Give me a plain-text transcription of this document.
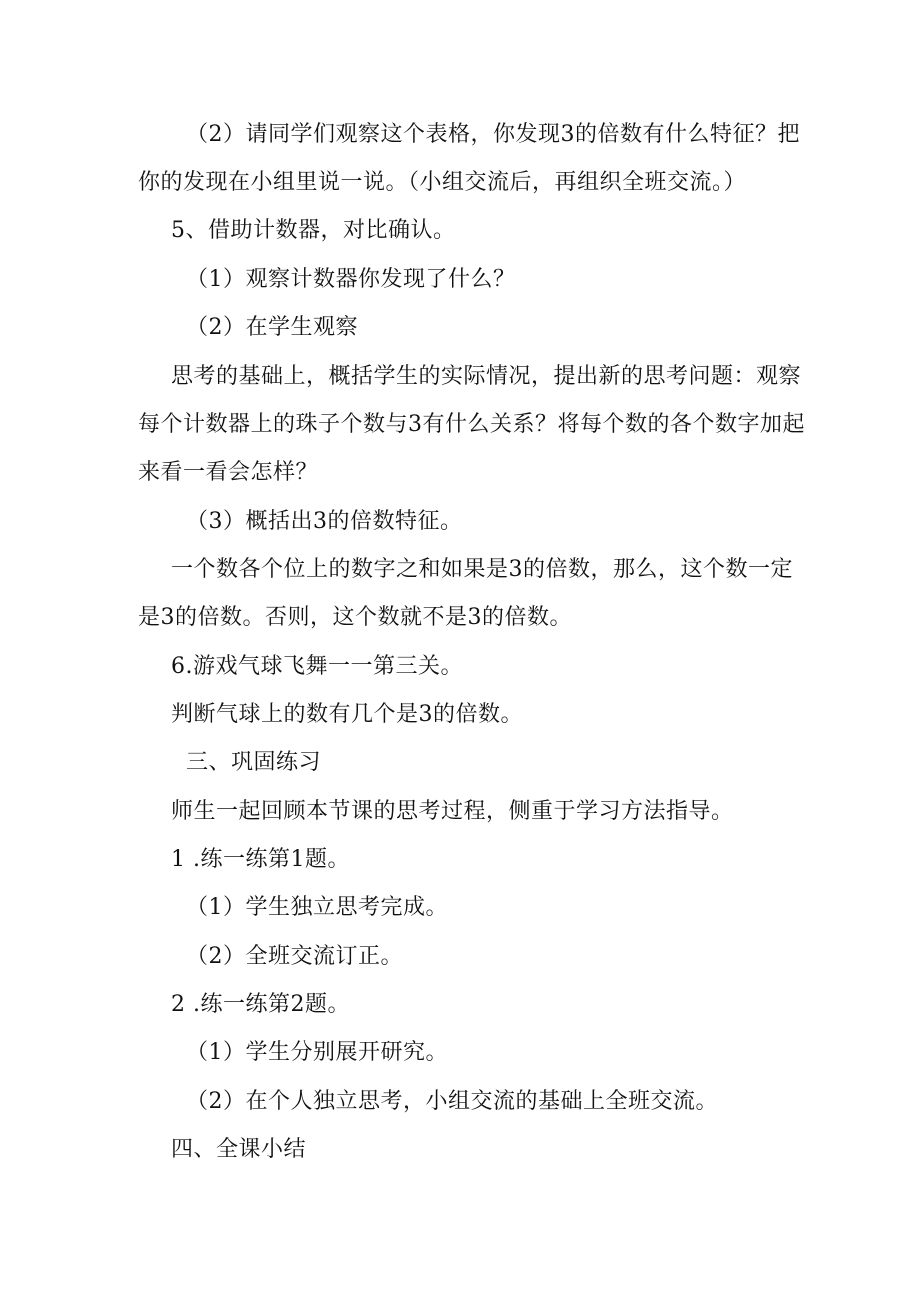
（2）请同学们观察这个表格，你发现3的倍数有什么特征？把
你的发现在小组里说一说。（小组交流后，再组织全班交流。）
5、借助计数器，对比确认。
（1）观察计数器你发现了什么？
（2）在学生观察
思考的基础上，概括学生的实际情况，提出新的思考问题：观察
每个计数器上的珠子个数与3有什么关系？将每个数的各个数字加起
来看一看会怎样？
（3）概括出3的倍数特征。
一个数各个位上的数字之和如果是3的倍数，那么，这个数一定
是3的倍数。否则，这个数就不是3的倍数。
6.游戏气球飞舞一一第三关。
判断气球上的数有几个是3的倍数。
三、巩固练习
师生一起回顾本节课的思考过程，侧重于学习方法指导。
1 .练一练第1题。
（1）学生独立思考完成。
（2）全班交流订正。
2 .练一练第2题。
（1）学生分别展开研究。
（2）在个人独立思考，小组交流的基础上全班交流。
四、全课小结
